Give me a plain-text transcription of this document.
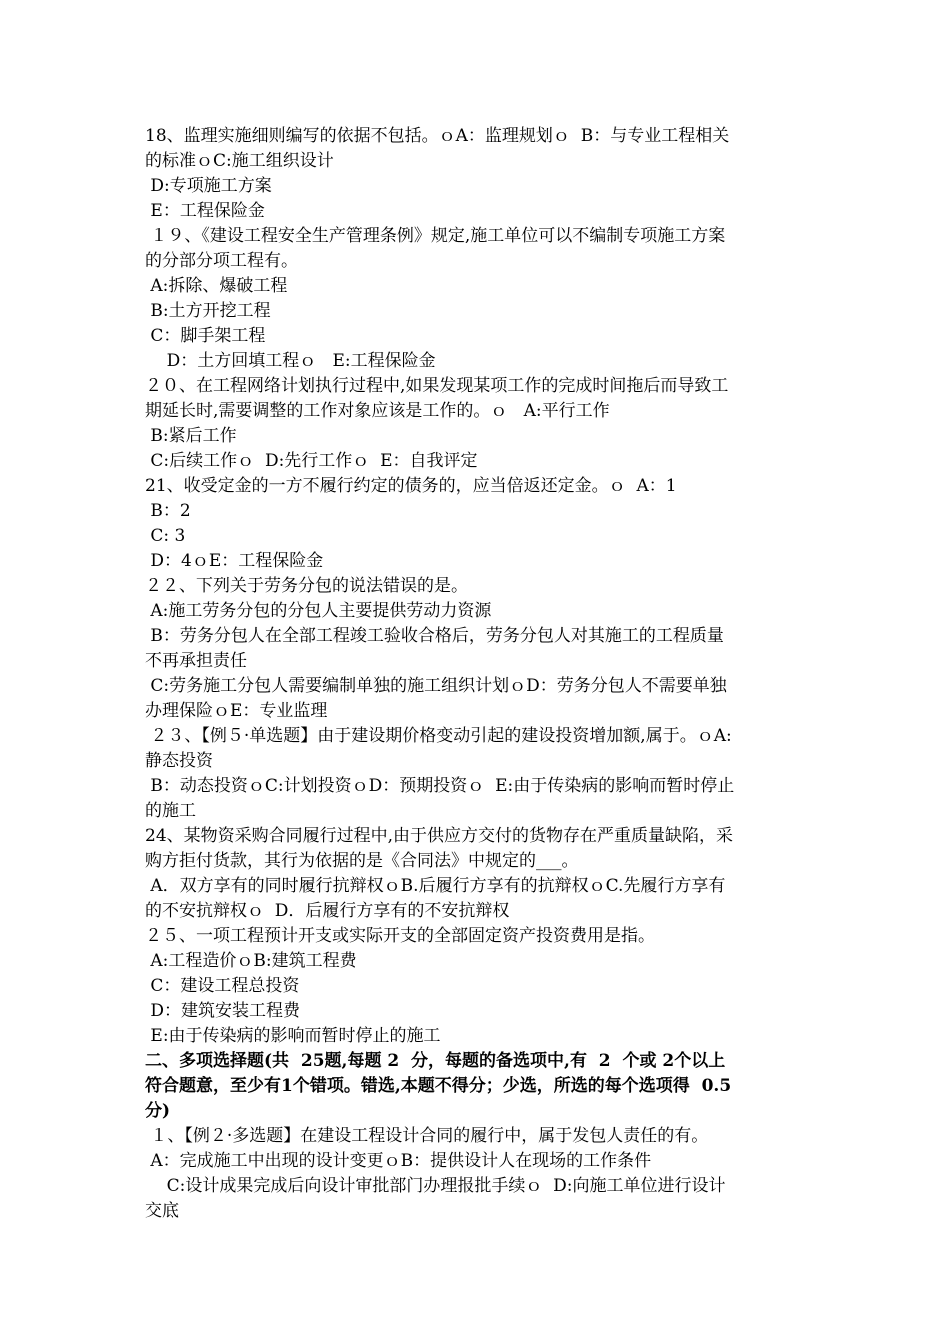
18、监理实施细则编写的依据不包括。ｏA：监理规划ｏ  B：与专业工程相关
的标准ｏC:施工组织设计
D:专项施工方案
E：工程保险金
１９、《建设工程安全生产管理条例》规定,施工单位可以不编制专项施工方案
的分部分项工程有。
A:拆除、爆破工程
B:土方开挖工程
C：脚手架工程
D：土方回填工程ｏ   E:工程保险金
２０、在工程网络计划执行过程中,如果发现某项工作的完成时间拖后而导致工
期延长时,需要调整的工作对象应该是工作的。ｏ   A:平行工作
B:紧后工作
C:后续工作ｏ  D:先行工作ｏ  E：自我评定
21、收受定金的一方不履行约定的债务的，应当倍返还定金。ｏ  A：1
B：2
C: 3
D：4ｏE：工程保险金
２２、下列关于劳务分包的说法错误的是。
A:施工劳务分包的分包人主要提供劳动力资源
B：劳务分包人在全部工程竣工验收合格后，劳务分包人对其施工的工程质量
不再承担责任
C:劳务施工分包人需要编制单独的施工组织计划ｏD：劳务分包人不需要单独
办理保险ｏE：专业监理
２３、【例５·单选题】由于建设期价格变动引起的建设投资增加额,属于。ｏA:
静态投资
B：动态投资ｏC:计划投资ｏD：预期投资ｏ  E:由于传染病的影响而暂时停止
的施工
24、某物资采购合同履行过程中,由于供应方交付的货物存在严重质量缺陷，采
购方拒付货款，其行为依据的是《合同法》中规定的___。
A．双方享有的同时履行抗辩权ｏB.后履行方享有的抗辩权ｏC.先履行方享有
的不安抗辩权ｏ  D．后履行方享有的不安抗辩权
２５、一项工程预计开支或实际开支的全部固定资产投资费用是指。
A:工程造价ｏB:建筑工程费
C：建设工程总投资
D：建筑安装工程费
E:由于传染病的影响而暂时停止的施工
二、多项选择题(共  25题,每题 2  分，每题的备选项中,有  2  个或 2个以上
符合题意，至少有1个错项。错选,本题不得分；少选，所选的每个选项得  0.5
分)
１、【例２·多选题】在建设工程设计合同的履行中，属于发包人责任的有。
A：完成施工中出现的设计变更ｏB：提供设计人在现场的工作条件
C:设计成果完成后向设计审批部门办理报批手续ｏ  D:向施工单位进行设计
交底
